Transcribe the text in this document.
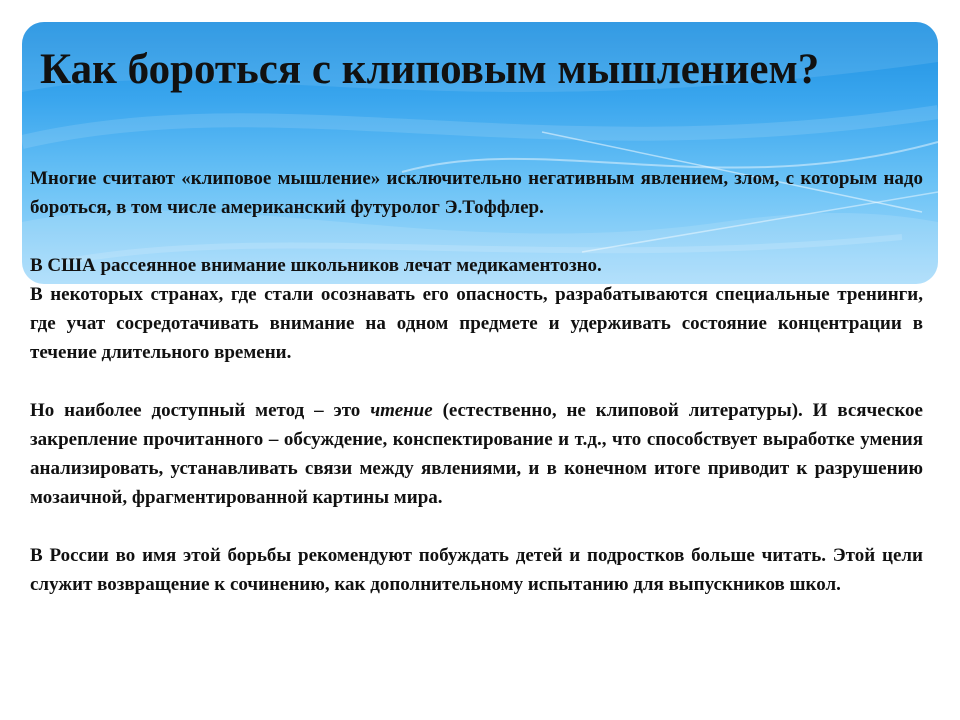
Как бороться с клиповым мышлением?

Многие считают «клиповое мышление» исключительно негативным явлением, злом, с которым надо бороться, в том числе американский футуролог Э.Тоффлер.

В США рассеянное внимание школьников лечат медикаментозно.

В некоторых странах, где стали осознавать его опасность, разрабатываются специальные тренинги, где учат сосредотачивать внимание на одном предмете и удерживать состояние концентрации в течение длительного времени.

Но наиболее доступный метод – это чтение (естественно, не клиповой литературы). И всяческое закрепление прочитанного – обсуждение, конспектирование и т.д., что способствует выработке умения анализировать, устанавливать связи между явлениями, и в конечном итоге приводит к разрушению мозаичной, фрагментированной картины мира.

В России во имя этой борьбы рекомендуют побуждать детей и подростков больше читать. Этой цели служит возвращение к сочинению, как дополнительному испытанию для выпускников школ.
